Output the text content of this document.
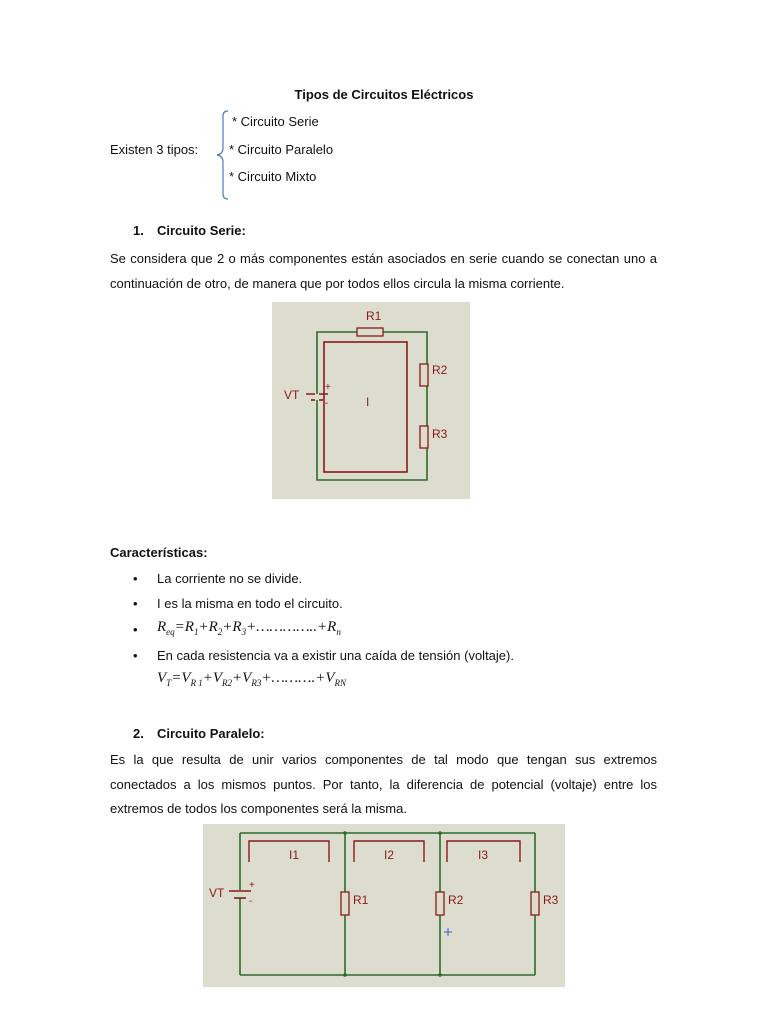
Tipos de Circuitos Eléctricos
Existen 3 tipos:
* Circuito Serie
* Circuito Paralelo
* Circuito Mixto
1. Circuito Serie:
Se considera que 2 o más componentes están asociados en serie cuando se conectan uno a continuación de otro, de manera que por todos ellos circula la misma corriente.
R1
R2
R3
VT
+
-	I
Características:
• La corriente no se divide.
• I es la misma en todo el circuito.
• $R_{eq}=R_1+R_2+R_3+\dots\dots\dots\dots..+R_n$
• En cada resistencia va a existir una caída de tensión (voltaje).
$V_T=V_{R 1}+V_{R2}+V_{R3}+\dots\dots\dots.+V_{RN}$
2. Circuito Paralelo:
Es la que resulta de unir varios componentes de tal modo que tengan sus extremos conectados a los mismos puntos. Por tanto, la diferencia de potencial (voltaje) entre los extremos de todos los componentes será la misma.
I1	I2	I3
R1	R2	R3
VT
+
-
